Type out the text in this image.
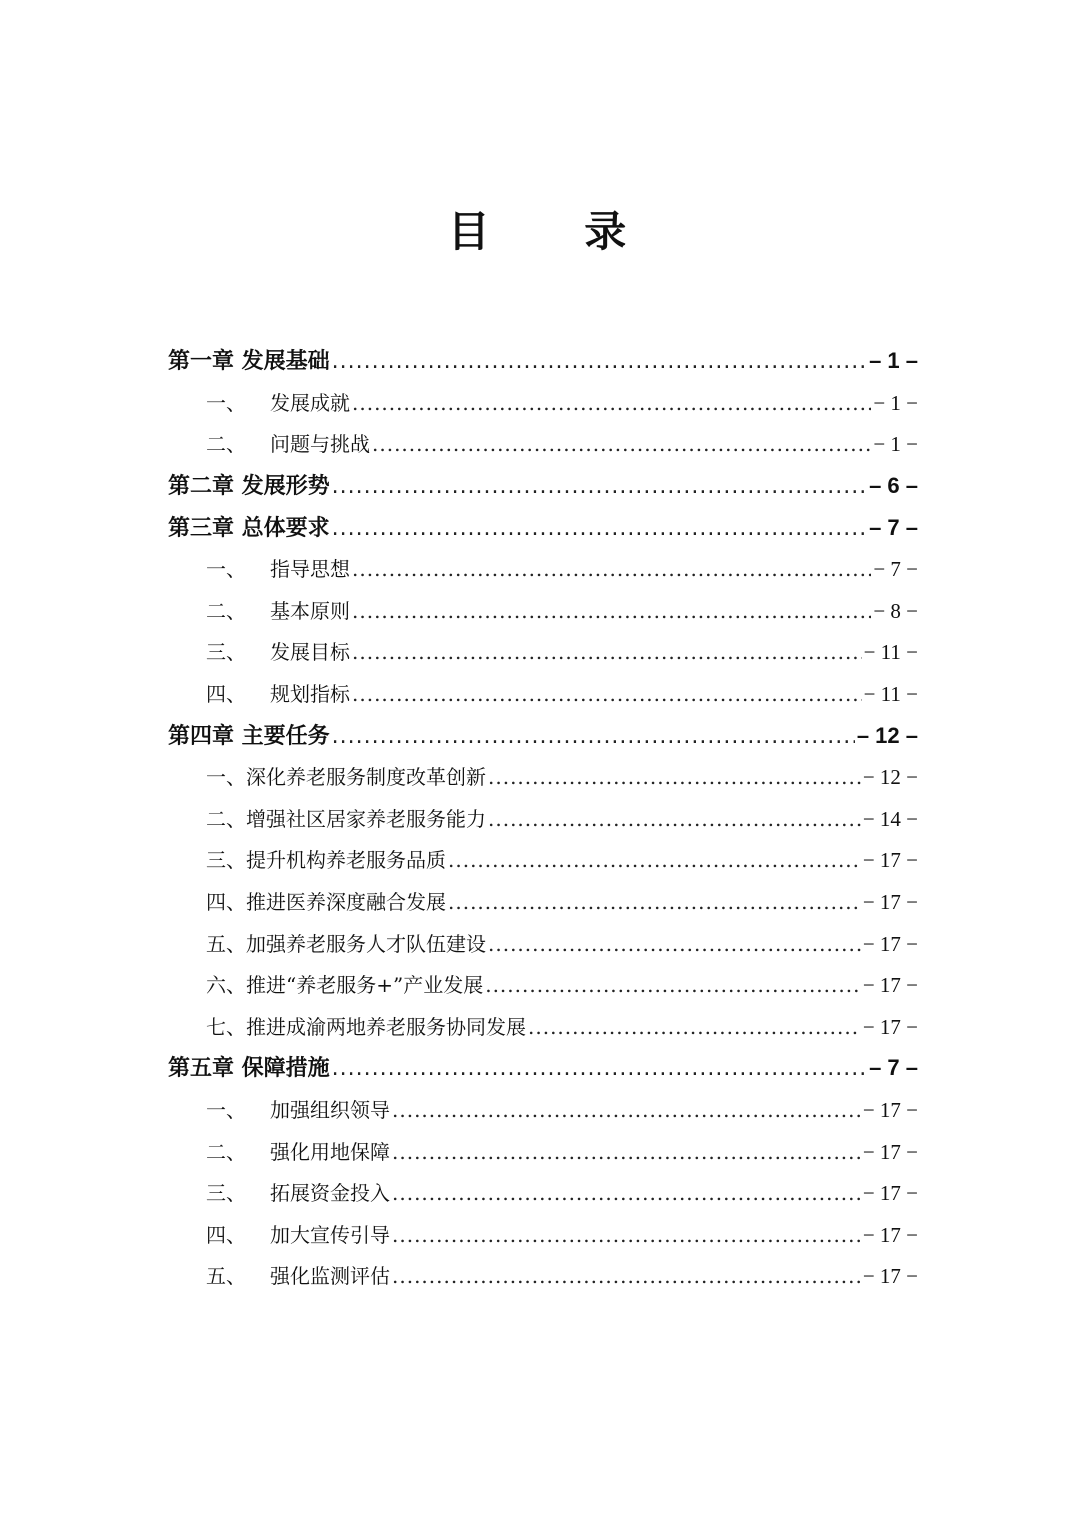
目 录
第一章 发展基础 .....	– 1 –
一、 发展成就 .....	− 1 −
二、 问题与挑战 .....	− 1 −
第二章 发展形势 .....	– 6 –
第三章 总体要求 .....	– 7 –
一、 指导思想 .....	− 7 −
二、 基本原则 .....	− 8 −
三、 发展目标 .....	− 11 −
四、 规划指标 .....	− 11 −
第四章 主要任务 .....	– 12 –
一、深化养老服务制度改革创新 .....	− 12 −
二、增强社区居家养老服务能力 .....	− 14 −
三、提升机构养老服务品质 .....	− 17 −
四、推进医养深度融合发展 .....	− 17 −
五、加强养老服务人才队伍建设 .....	− 17 −
六、推进“养老服务+”产业发展 .....	− 17 −
七、推进成渝两地养老服务协同发展 .....	− 17 −
第五章 保障措施 .....	– 7 –
一、 加强组织领导 .....	− 17 −
二、 强化用地保障 .....	− 17 −
三、 拓展资金投入 .....	− 17 −
四、 加大宣传引导 .....	− 17 −
五、 强化监测评估 .....	− 17 −
